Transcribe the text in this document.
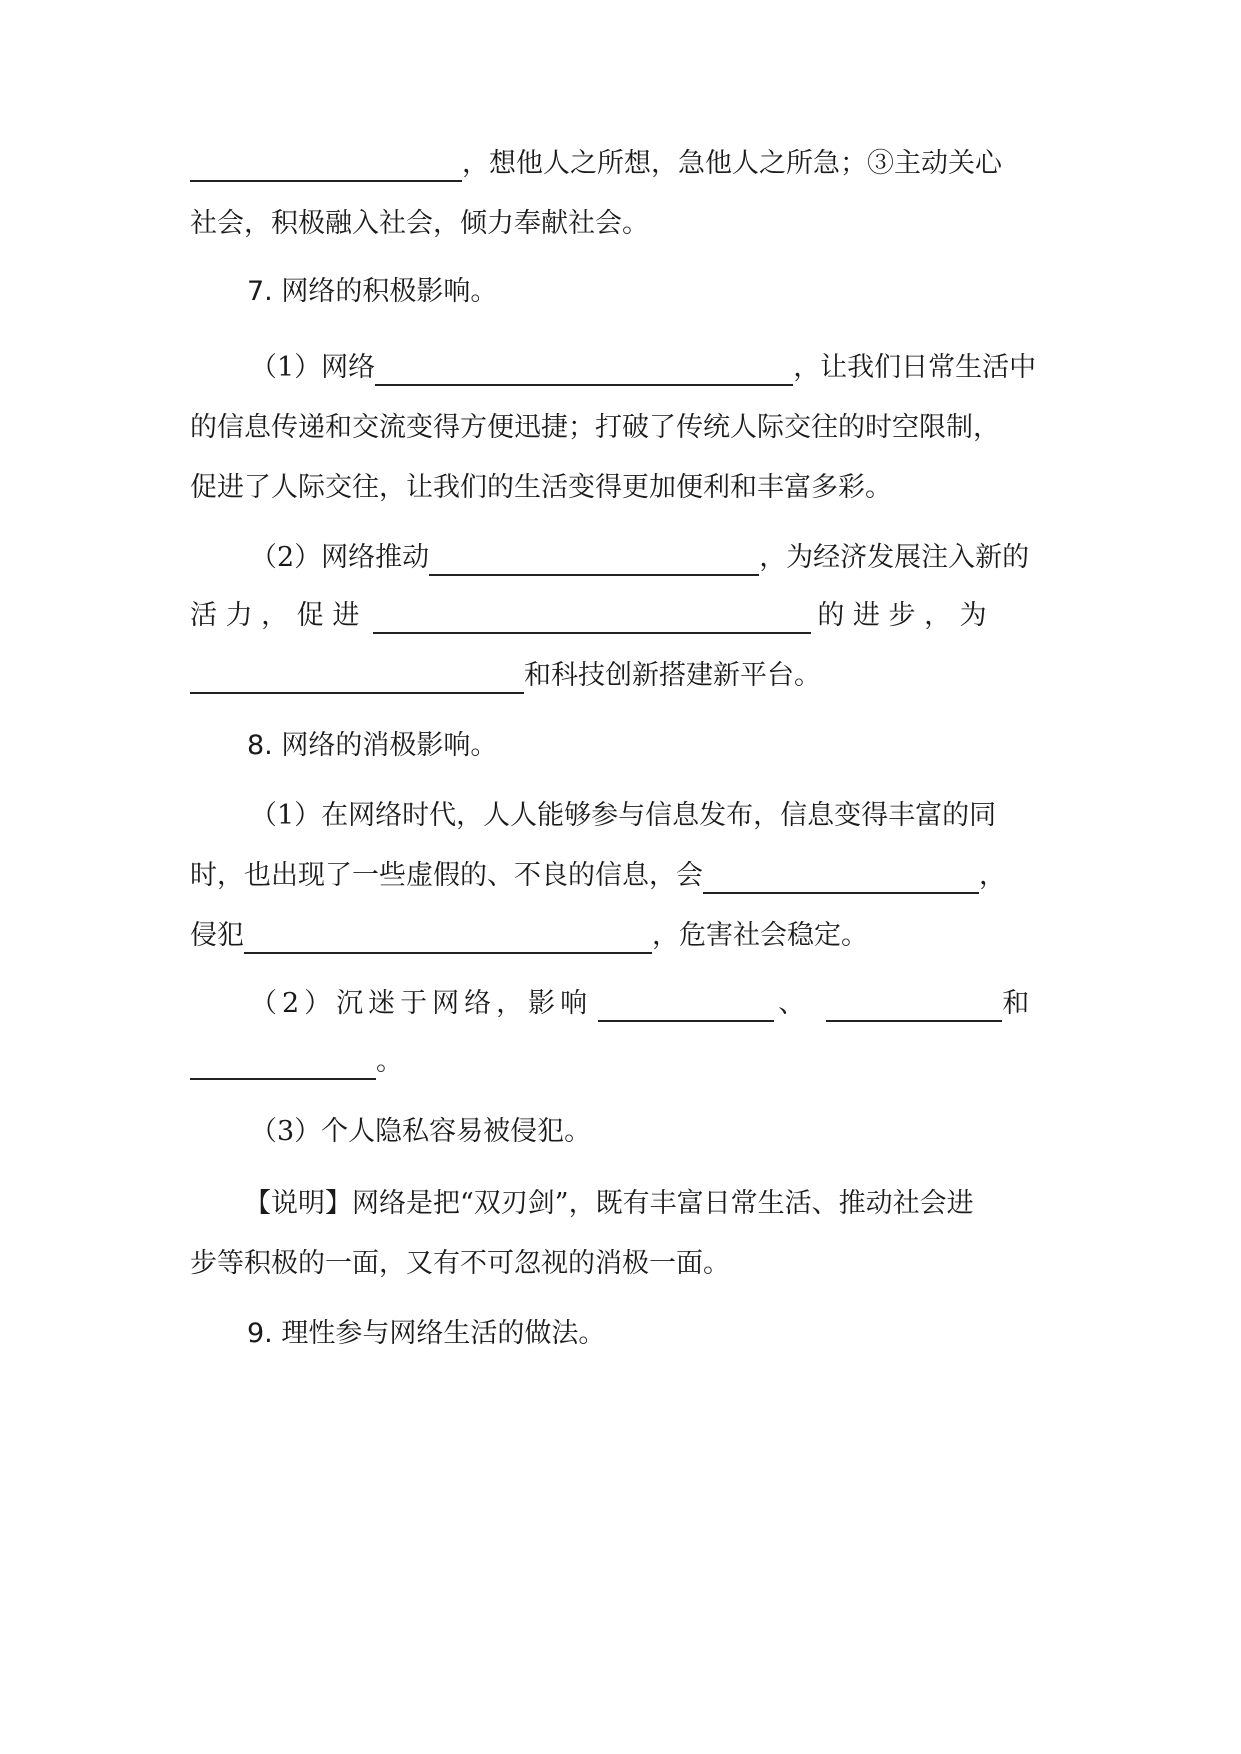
，想他人之所想，急他人之所急；③主动关心
社会，积极融入社会，倾力奉献社会。
7. 网络的积极影响。
（1）网络	，让我们日常生活中
的信息传递和交流变得方便迅捷；打破了传统人际交往的时空限制，
促进了人际交往，让我们的生活变得更加便利和丰富多彩。
（2）网络推动	，为经济发展注入新的
活 力 ， 促 进	的 进 步 ， 为
和科技创新搭建新平台。
8. 网络的消极影响。
（1）在网络时代，人人能够参与信息发布，信息变得丰富的同
时，也出现了一些虚假的、不良的信息，会	，
侵犯	，危害社会稳定。
（2）沉迷于网络，影响	、	和
。
（3）个人隐私容易被侵犯。
【说明】网络是把“双刃剑”，既有丰富日常生活、推动社会进
步等积极的一面，又有不可忽视的消极一面。
9. 理性参与网络生活的做法。
